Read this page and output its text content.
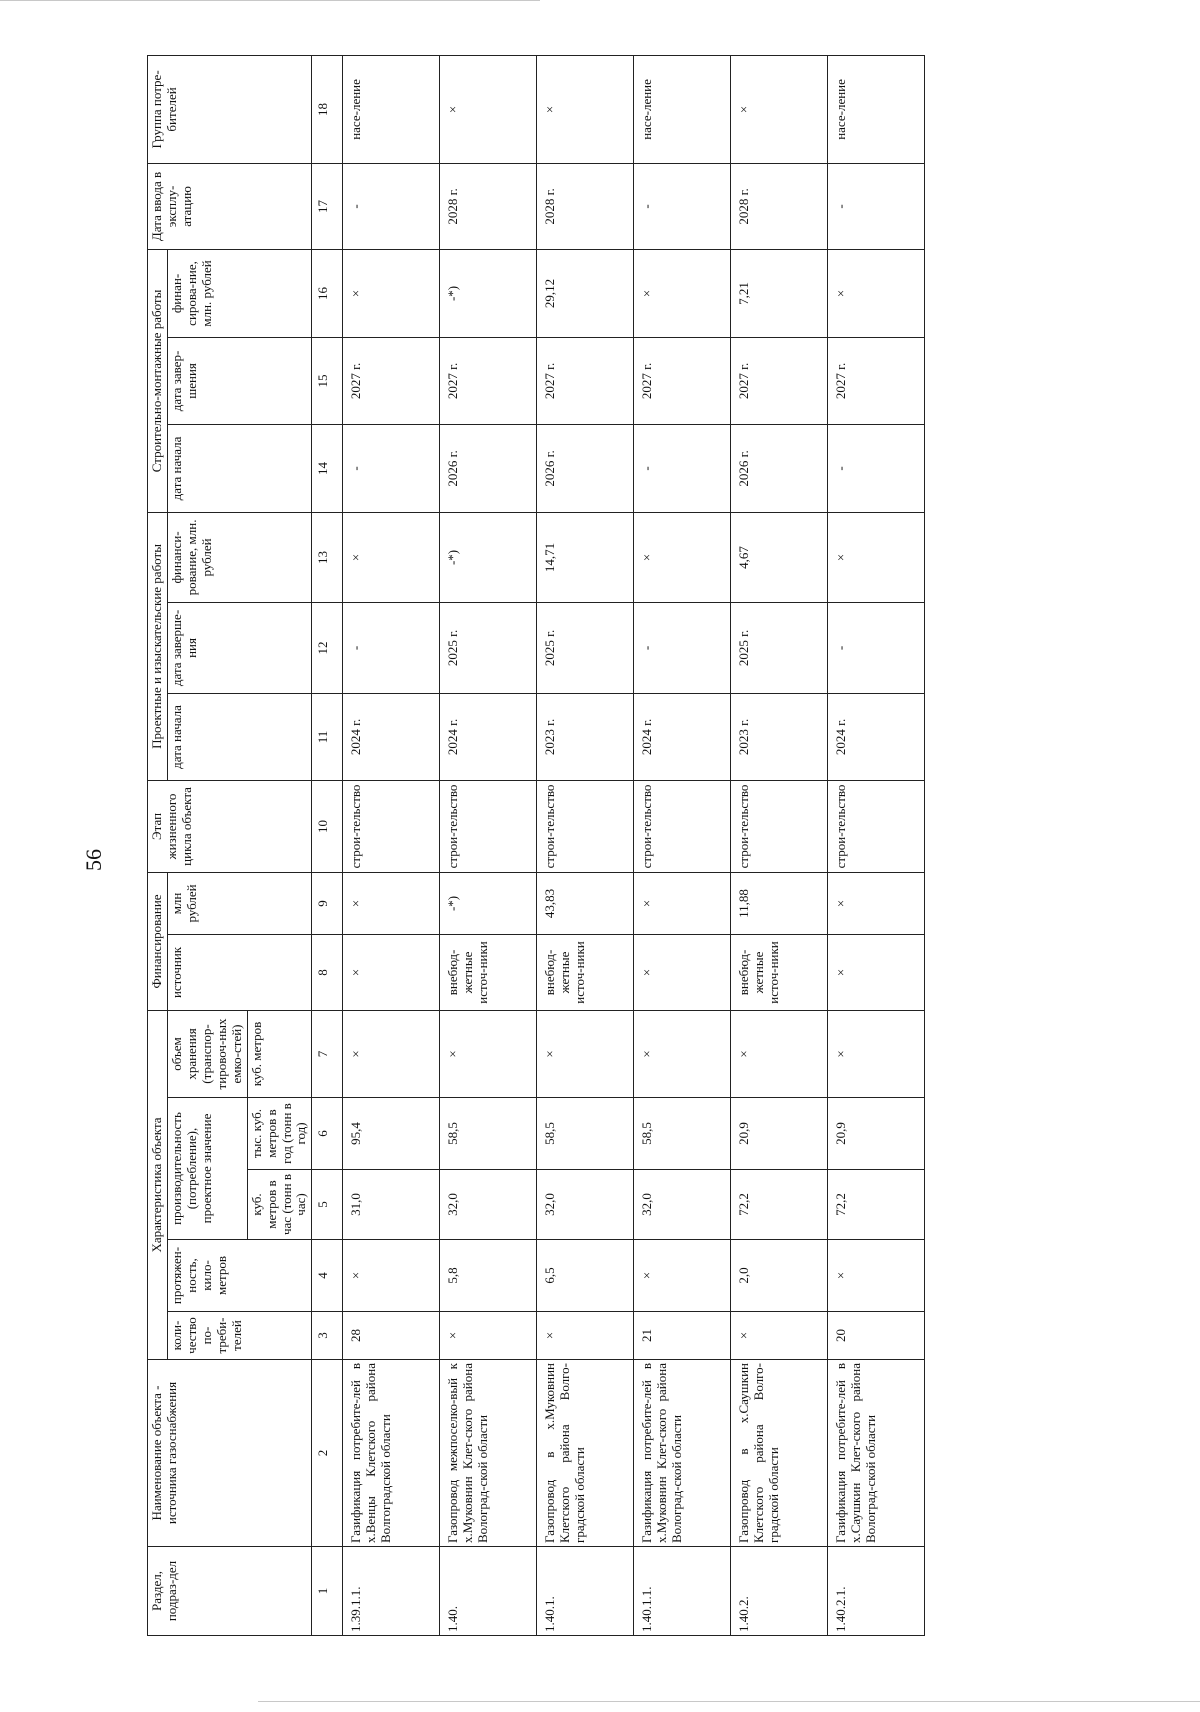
56
Раздел, подраз-дел	Наименование объекта - источника газоснабжения	Характеристика объекта					Финансирование		Этап жизненного цикла объекта	Проектные и изыскательские работы			Строительно-монтажные работы			Дата ввода в эксплу-атацию	Группа потре-бителей
		коли-чество по-треби-телей	протяжен-ность, кило-метров	производительность (потребление), проектное значение		объем хранения (транспор-тировоч-ных емко-стей)	источник	млн рублей		дата начала	дата заверше-ния	финанси-рование, млн. рублей	дата начала	дата завер-шения	финан-сирова-ние, млн. рублей		
				куб. метров в час (тонн в час)	тыс. куб. метров в год (тонн в год)	куб. метров											
1	2	3	4	5	6	7	8	9	10	11	12	13	14	15	16	17	18
1.39.1.1.	Газификация потребите-лей в х.Венцы Клетского района Волгоградской области	28	×	31,0	95,4	×	×	×	строи-тельство	2024 г.	-	×	-	2027 г.	×	-	насе-ление
1.40.	Газопровод межпоселко-вый к х.Муковнин Клет-ского района Волоград-ской области	×	5,8	32,0	58,5	×	внебюд-жетные источ-ники	-*)	строи-тельство	2024 г.	2025 г.	-*)	2026 г.	2027 г.	-*)	2028 г.	×
1.40.1.	Газопровод в х.Муковнин Клетского района Волго-градской области	×	6,5	32,0	58,5	×	внебюд-жетные источ-ники	43,83	строи-тельство	2023 г.	2025 г.	14,71	2026 г.	2027 г.	29,12	2028 г.	×
1.40.1.1.	Газификация потребите-лей в х.Муковнин Клет-ского района Волоград-ской области	21	×	32,0	58,5	×	×	×	строи-тельство	2024 г.	-	×	-	2027 г.	×	-	насе-ление
1.40.2.	Газопровод в х.Саушкин Клетского района Волго-градской области	×	2,0	72,2	20,9	×	внебюд-жетные источ-ники	11,88	строи-тельство	2023 г.	2025 г.	4,67	2026 г.	2027 г.	7,21	2028 г.	×
1.40.2.1.	Газификация потребите-лей в х.Саушкин Клет-ского района Волоград-ской области	20	×	72,2	20,9	×	×	×	строи-тельство	2024 г.	-	×	-	2027 г.	×	-	насе-ление
